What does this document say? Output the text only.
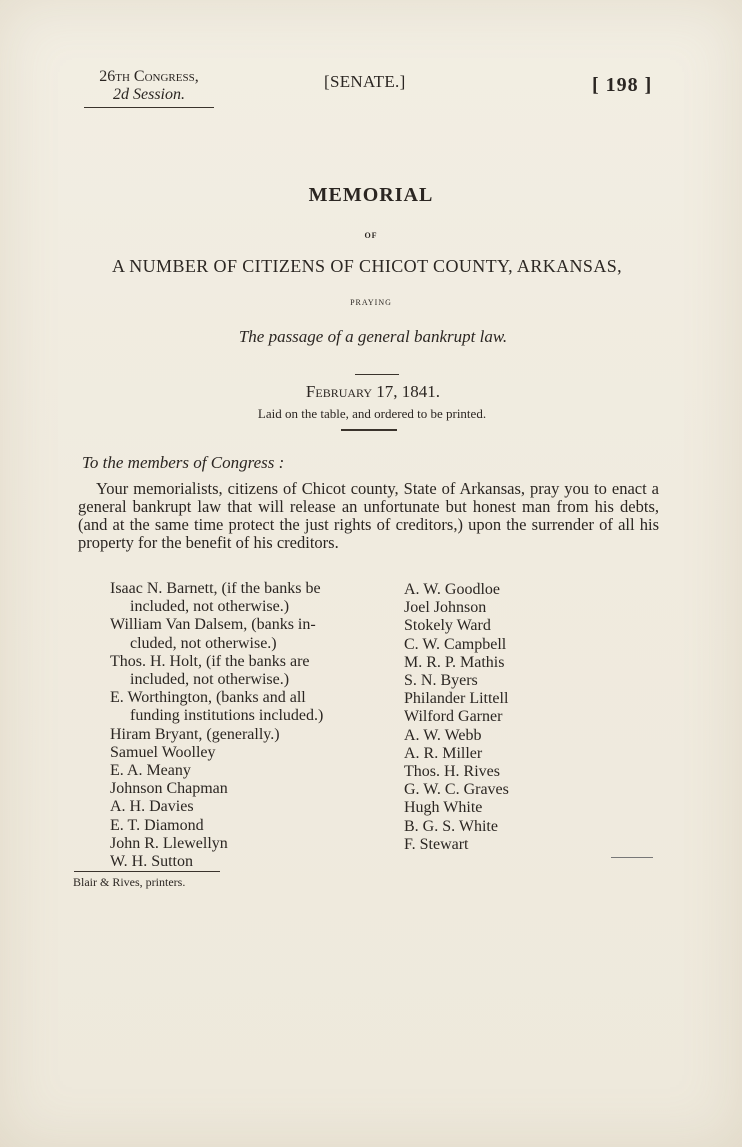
26th Congress,
2d Session.
[SENATE.]	[ 198 ]
MEMORIAL
OF
A NUMBER OF CITIZENS OF CHICOT COUNTY, ARKANSAS,
PRAYING
The passage of a general bankrupt law.
February 17, 1841.
Laid on the table, and ordered to be printed.
To the members of Congress :
Your memorialists, citizens of Chicot county, State of Arkansas, pray you to enact a general bankrupt law that will release an unfortunate but honest man from his debts, (and at the same time protect the just rights of creditors,) upon the surrender of all his property for the benefit of his creditors.
Isaac N. Barnett, (if the banks be
included, not otherwise.)
William Van Dalsem, (banks in-
cluded, not otherwise.)
Thos. H. Holt, (if the banks are
included, not otherwise.)
E. Worthington, (banks and all
funding institutions included.)
Hiram Bryant, (generally.)
Samuel Woolley
E. A. Meany
Johnson Chapman
A. H. Davies
E. T. Diamond
John R. Llewellyn
W. H. Sutton
A. W. Goodloe
Joel Johnson
Stokely Ward
C. W. Campbell
M. R. P. Mathis
S. N. Byers
Philander Littell
Wilford Garner
A. W. Webb
A. R. Miller
Thos. H. Rives
G. W. C. Graves
Hugh White
B. G. S. White
F. Stewart
Blair & Rives, printers.
